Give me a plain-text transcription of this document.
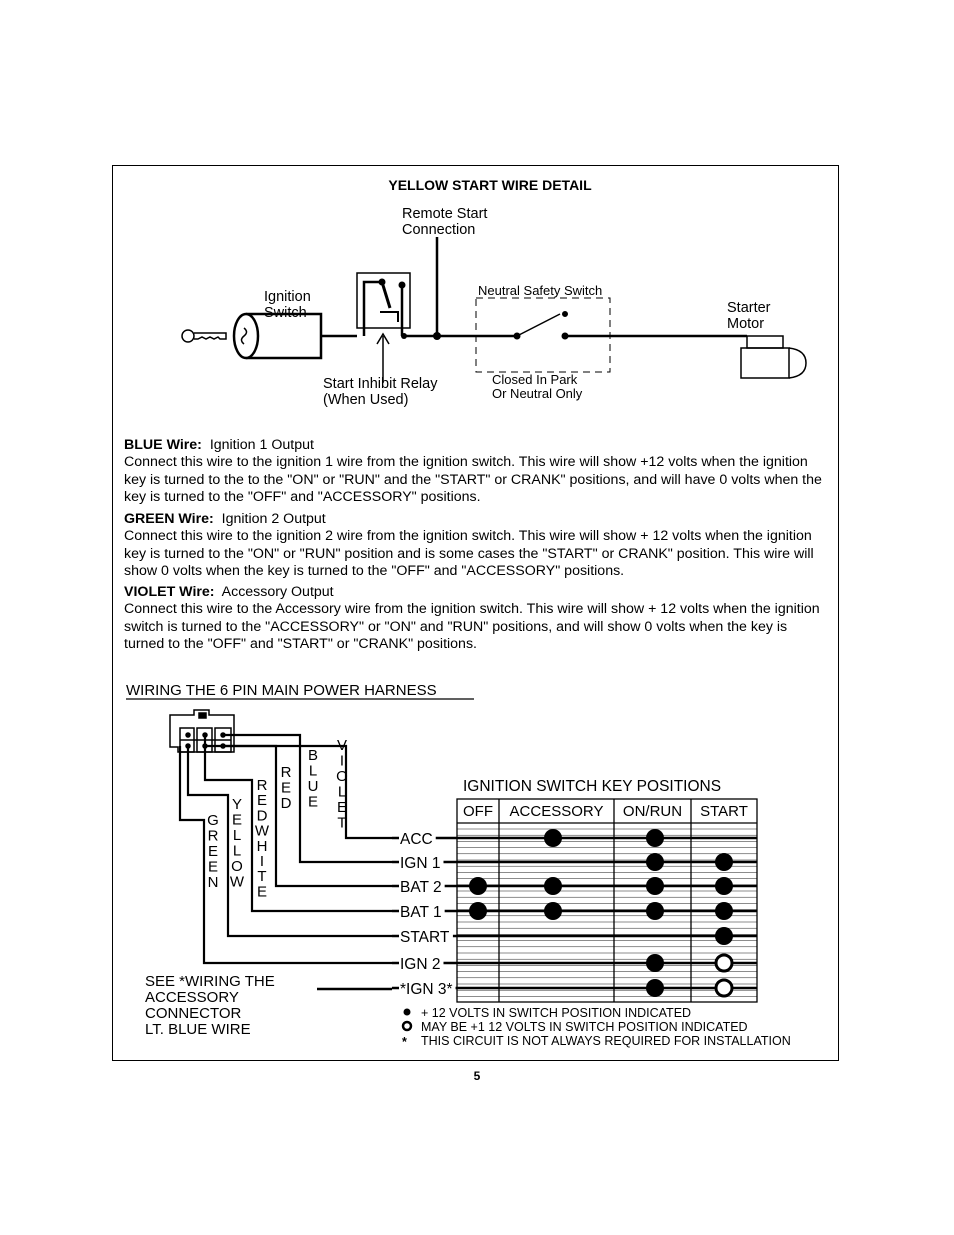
YELLOW START WIRE DETAIL
Remote Start Connection
Ignition Switch
Neutral Safety Switch
Starter Motor
Start Inhibit Relay (When Used)
Closed In Park Or Neutral Only
WIRING THE 6 PIN MAIN POWER HARNESS
V I O L E T
B L U E
R E D
R E D W H I T E
Y E L L O W
G R E E N
SEE *WIRING THE ACCESSORY CONNECTOR LT. BLUE WIRE
IGNITION SWITCH KEY POSITIONS
OFF ACCESSORY ON/RUN START
ACC
IGN 1
BAT 2
BAT 1
START
IGN 2
*IGN 3*
+ 12 VOLTS IN SWITCH POSITION INDICATED
MAY BE +1 12 VOLTS IN SWITCH POSITION INDICATED
* THIS CIRCUIT IS NOT ALWAYS REQUIRED FOR INSTALLATION
BLUE Wire: Ignition 1 Output
Connect this wire to the ignition 1 wire from the ignition switch. This wire will show +12 volts when the ignition key is turned to the to the "ON" or "RUN" and the "START" or CRANK" positions, and will have 0 volts when the key is turned to the "OFF" and "ACCESSORY" positions.
GREEN Wire: Ignition 2 Output
Connect this wire to the ignition 2 wire from the ignition switch. This wire will show + 12 volts when the ignition key is turned to the "ON" or "RUN" position and is some cases the "START" or CRANK" position. This wire will show 0 volts when the key is turned to the "OFF" and "ACCESSORY" positions.
VIOLET Wire: Accessory Output
Connect this wire to the Accessory wire from the ignition switch. This wire will show + 12 volts when the ignition switch is turned to the "ACCESSORY" or "ON" and "RUN" positions, and will show 0 volts when the key is turned to the "OFF" and "START" or "CRANK" positions.
5
